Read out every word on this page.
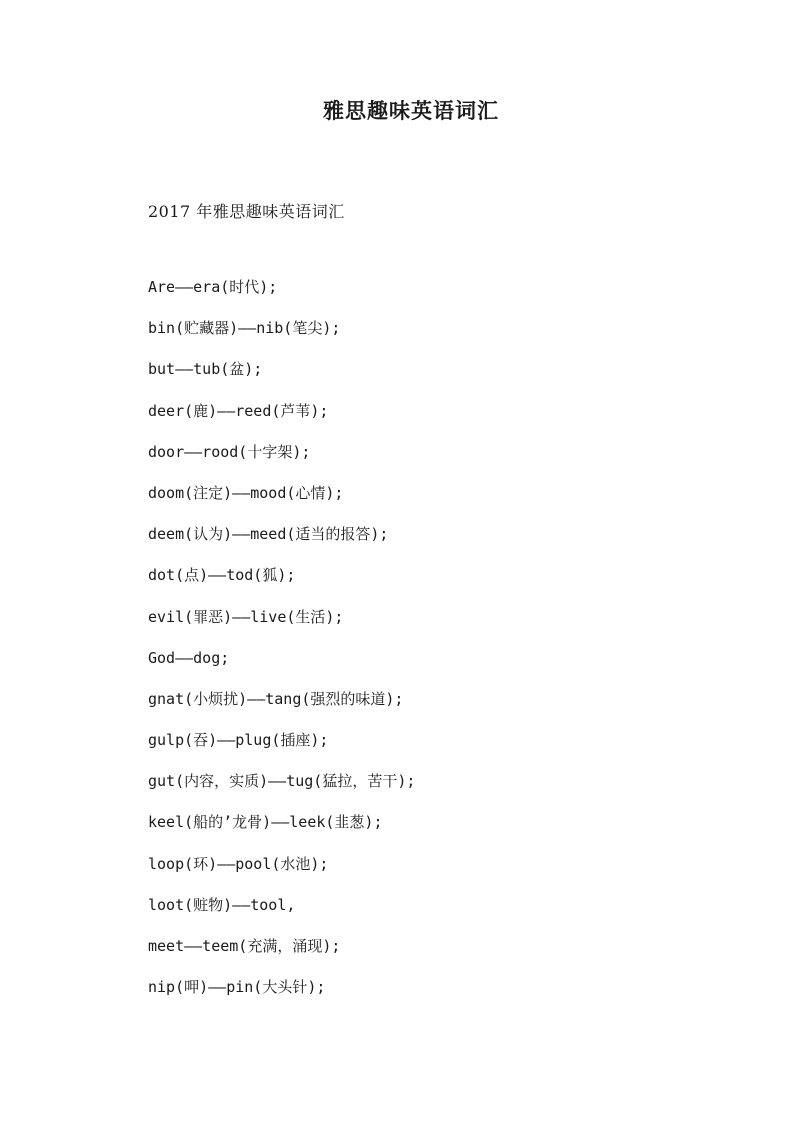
雅思趣味英语词汇

2017 年雅思趣味英语词汇

Are——era(时代);
bin(贮藏器)——nib(笔尖);
but——tub(盆);
deer(鹿)——reed(芦苇);
door——rood(十字架);
doom(注定)——mood(心情);
deem(认为)——meed(适当的报答);
dot(点)——tod(狐);
evil(罪恶)——live(生活);
God——dog;
gnat(小烦扰)——tang(强烈的味道);
gulp(吞)——plug(插座);
gut(内容，实质)——tug(猛拉，苦干);
keel(船的’龙骨)——leek(韭葱);
loop(环)——pool(水池);
loot(赃物)——tool,
meet——teem(充满，涌现);
nip(呷)——pin(大头针);
